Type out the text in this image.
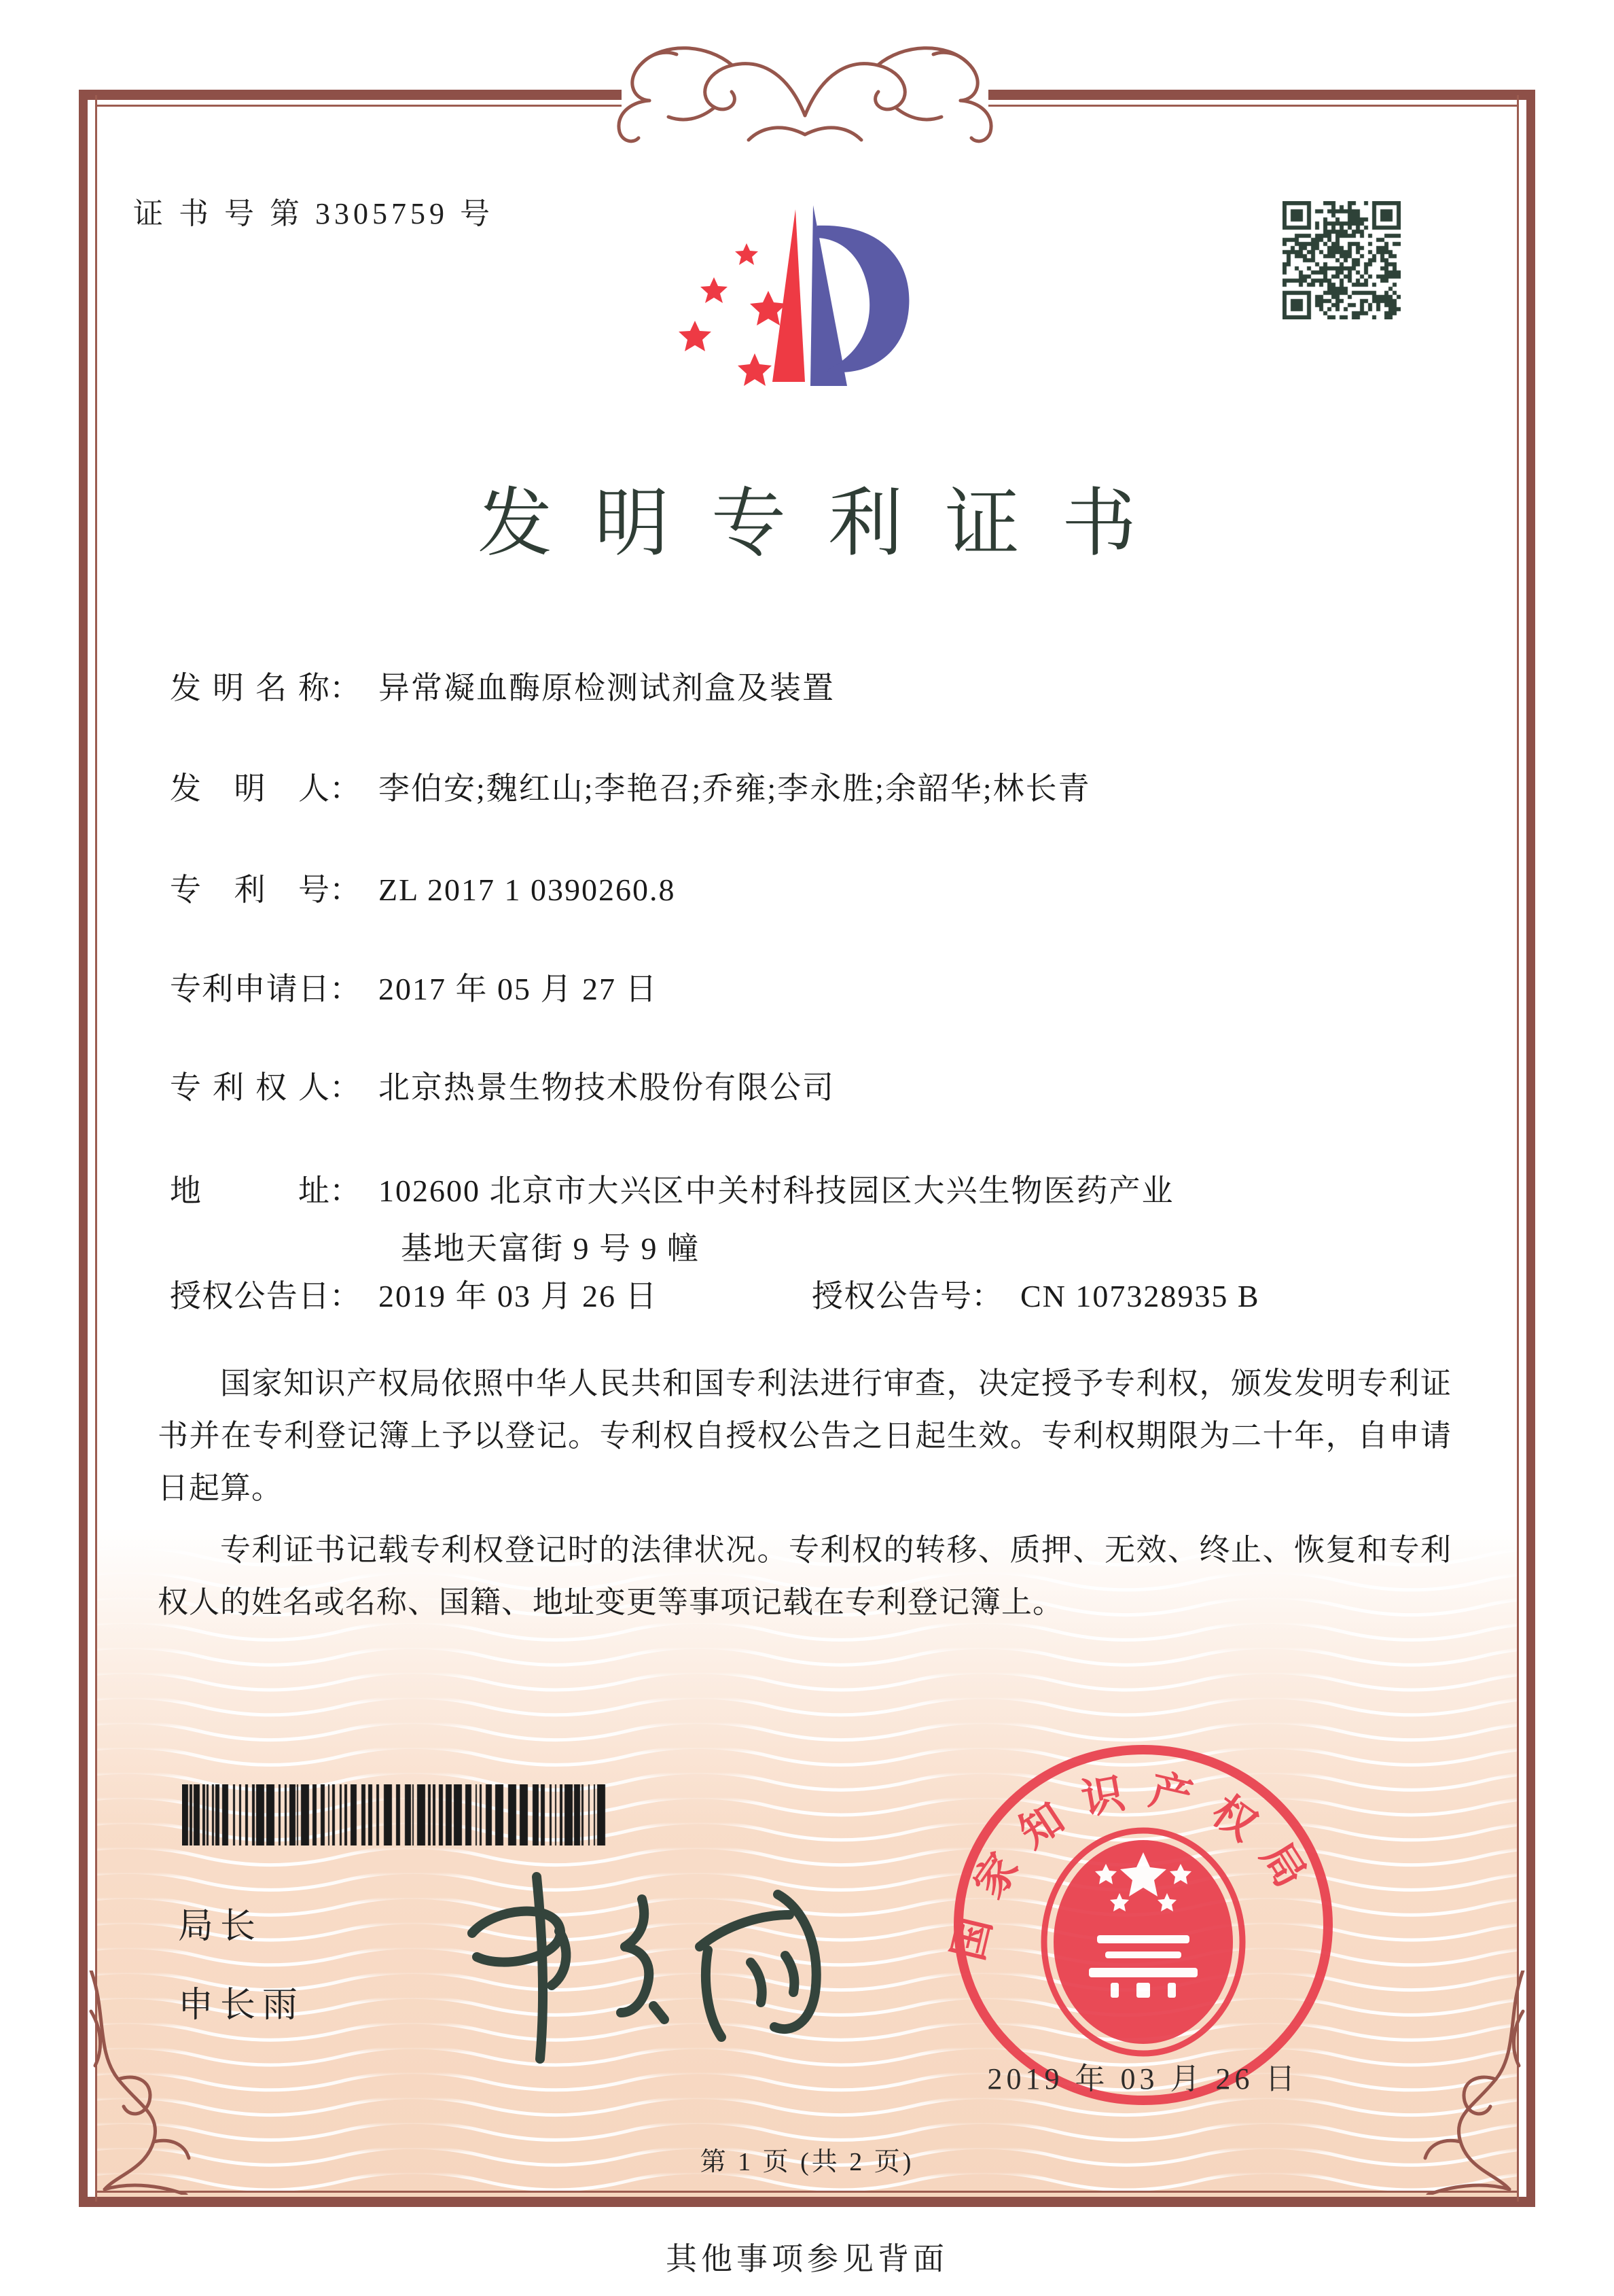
证 书 号 第 3305759 号
发明专利证书
发明名称： 异常凝血酶原检测试剂盒及装置
发明人： 李伯安;魏红山;李艳召;乔雍;李永胜;余韶华;林长青
专利号： ZL 2017 1 0390260.8
专利申请日： 2017 年 05 月 27 日
专利权人： 北京热景生物技术股份有限公司
地址： 102600 北京市大兴区中关村科技园区大兴生物医药产业
基地天富街 9 号 9 幢
授权公告日： 2019 年 03 月 26 日	授权公告号： CN 107328935 B

国家知识产权局依照中华人民共和国专利法进行审查，决定授予专利权，颁发发明专利证书并在专利登记簿上予以登记。专利权自授权公告之日起生效。专利权期限为二十年，自申请日起算。

专利证书记载专利权登记时的法律状况。专利权的转移、质押、无效、终止、恢复和专利权人的姓名或名称、国籍、地址变更等事项记载在专利登记簿上。

局长
申长雨
国家知识产权局
2019 年 03 月 26 日
第 1 页 (共 2 页)
其他事项参见背面
